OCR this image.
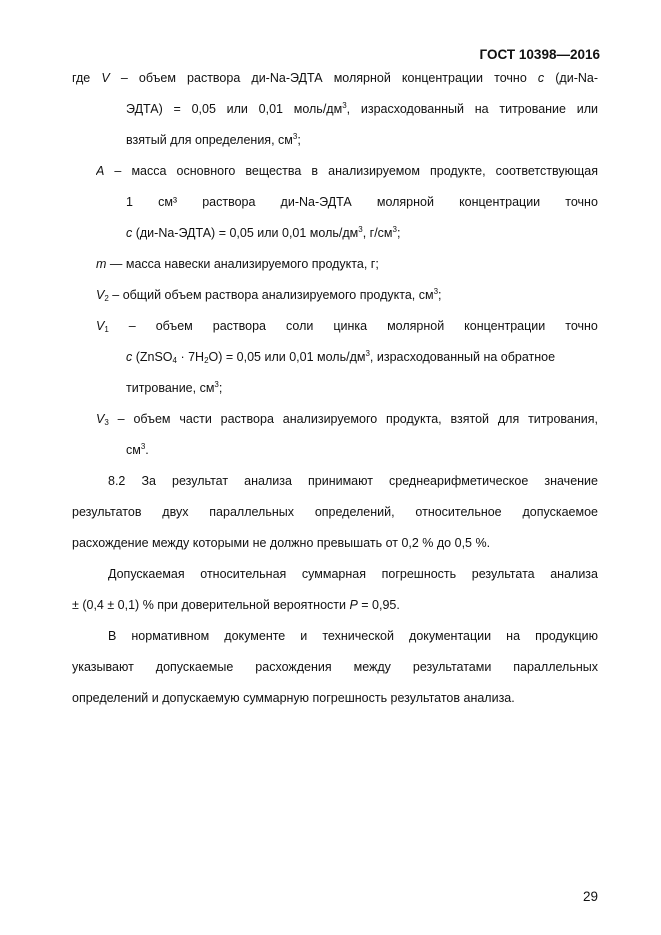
ГОСТ 10398—2016
где V – объем раствора ди-Na-ЭДТА молярной концентрации точно c (ди-Na-
ЭДТА) = 0,05 или 0,01 моль/$дм^3$, израсходованный на титрование или
взятый для определения, $см^3$;
A – масса основного вещества в анализируемом продукте, соответствующая
1 см³ раствора ди-Na-ЭДТА молярной концентрации точно
c (ди-Na-ЭДТА) = 0,05 или 0,01 моль/$дм^3$, $г/см^3$;
m — масса навески анализируемого продукта, г;
$V_2$ – общий объем раствора анализируемого продукта, $см^3$;
$V_1$ – объем раствора соли цинка молярной концентрации точно
c (ZnSO$_4$ · $7H_2O) = 0,05$ или 0,01 моль/$дм^3$, израсходованный на обратное
титрование, $см^3$;
$V_3$ – объем части раствора анализируемого продукта, взятой для титрования,
$см^3$.
8.2 За результат анализа принимают среднеарифметическое значение
результатов двух параллельных определений, относительное допускаемое
расхождение между которыми не должно превышать от 0,2 % до 0,5 %.
Допускаемая относительная суммарная погрешность результата анализа
± (0,4 ± 0,1) % при доверительной вероятности P = 0,95.
В нормативном документе и технической документации на продукцию
указывают допускаемые расхождения между результатами параллельных
определений и допускаемую суммарную погрешность результатов анализа.
29
